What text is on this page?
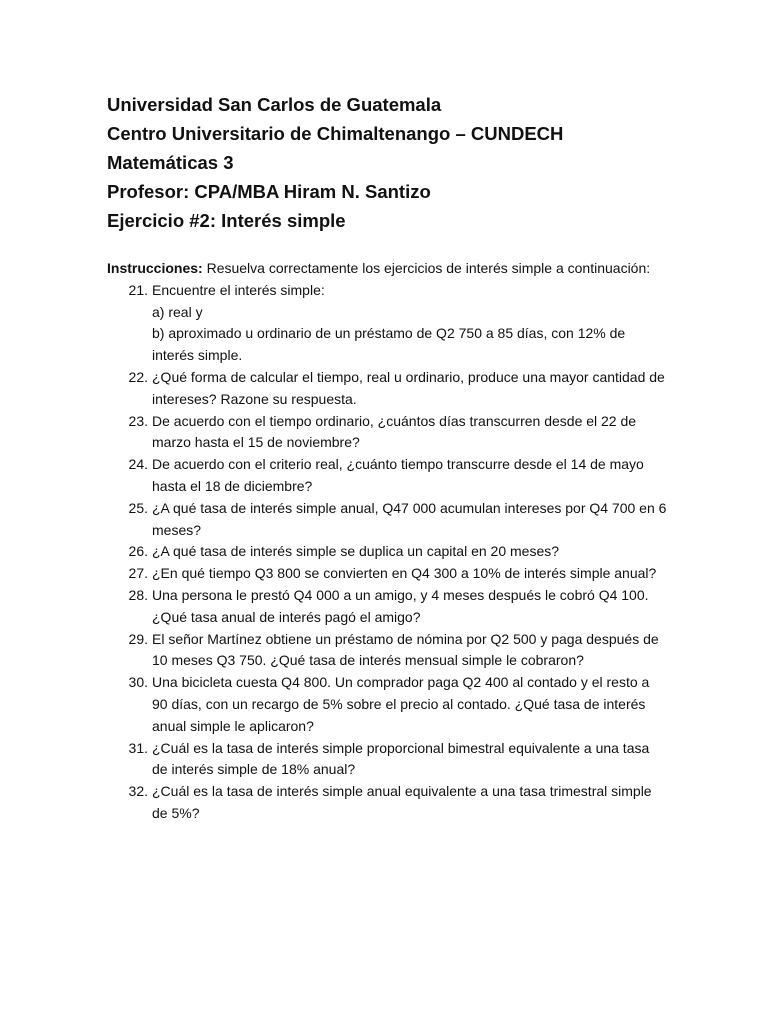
Universidad San Carlos de Guatemala

Centro Universitario de Chimaltenango – CUNDECH

Matemáticas 3

Profesor: CPA/MBA Hiram N. Santizo

Ejercicio #2: Interés simple

Instrucciones: Resuelva correctamente los ejercicios de interés simple a continuación:
21. Encuentre el interés simple:
a) real y
b) aproximado u ordinario de un préstamo de Q2 750 a 85 días, con 12% de interés simple.
22. ¿Qué forma de calcular el tiempo, real u ordinario, produce una mayor cantidad de intereses? Razone su respuesta.
23. De acuerdo con el tiempo ordinario, ¿cuántos días transcurren desde el 22 de marzo hasta el 15 de noviembre?
24. De acuerdo con el criterio real, ¿cuánto tiempo transcurre desde el 14 de mayo hasta el 18 de diciembre?
25. ¿A qué tasa de interés simple anual, Q47 000 acumulan intereses por Q4 700 en 6 meses?
26. ¿A qué tasa de interés simple se duplica un capital en 20 meses?
27. ¿En qué tiempo Q3 800 se convierten en Q4 300 a 10% de interés simple anual?
28. Una persona le prestó Q4 000 a un amigo, y 4 meses después le cobró Q4 100. ¿Qué tasa anual de interés pagó el amigo?
29. El señor Martínez obtiene un préstamo de nómina por Q2 500 y paga después de 10 meses Q3 750. ¿Qué tasa de interés mensual simple le cobraron?
30. Una bicicleta cuesta Q4 800. Un comprador paga Q2 400 al contado y el resto a 90 días, con un recargo de 5% sobre el precio al contado. ¿Qué tasa de interés anual simple le aplicaron?
31. ¿Cuál es la tasa de interés simple proporcional bimestral equivalente a una tasa de interés simple de 18% anual?
32. ¿Cuál es la tasa de interés simple anual equivalente a una tasa trimestral simple de 5%?
